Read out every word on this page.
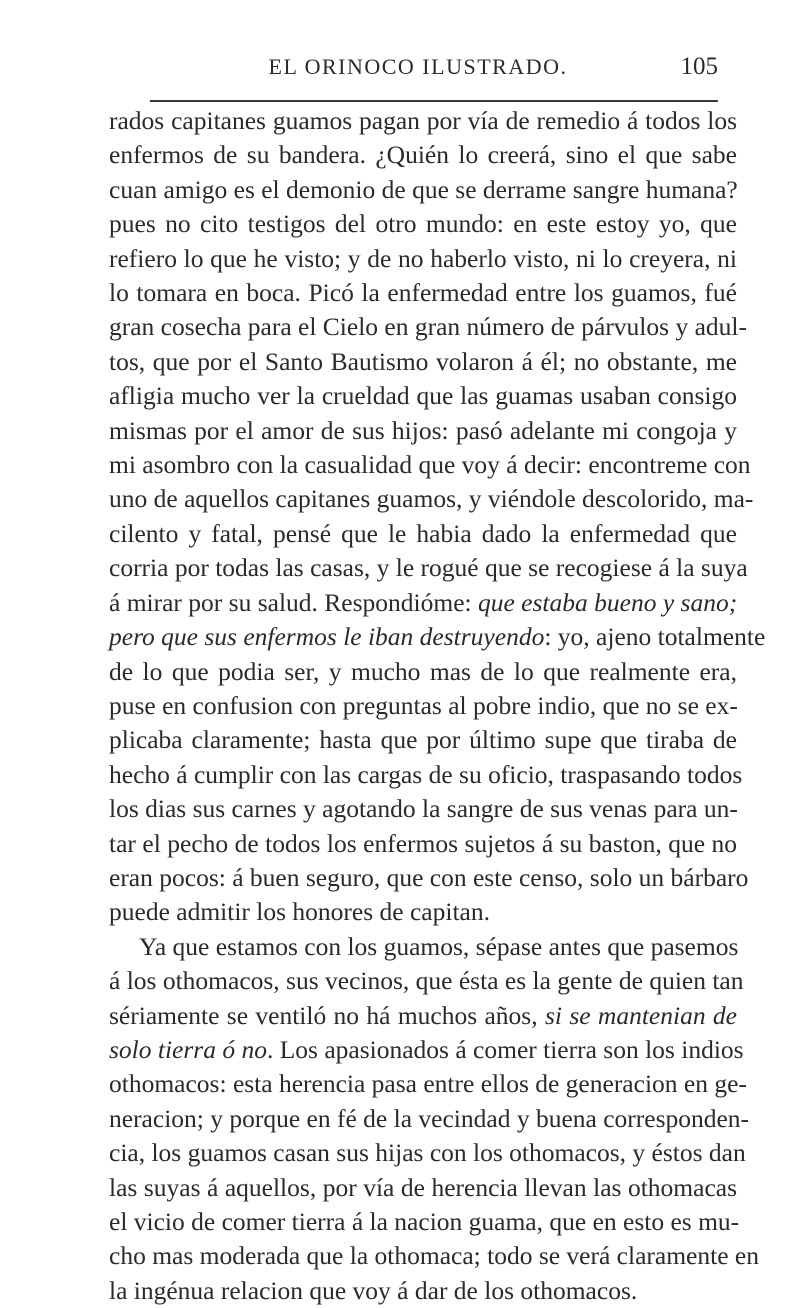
EL ORINOCO ILUSTRADO.	105

rados capitanes guamos pagan por vía de remedio á todos los
enfermos de su bandera. ¿Quién lo creerá, sino el que sabe
cuan amigo es el demonio de que se derrame sangre humana?
pues no cito testigos del otro mundo: en este estoy yo, que
refiero lo que he visto; y de no haberlo visto, ni lo creyera, ni
lo tomara en boca. Picó la enfermedad entre los guamos, fué
gran cosecha para el Cielo en gran número de párvulos y adul-
tos, que por el Santo Bautismo volaron á él; no obstante, me
afligia mucho ver la crueldad que las guamas usaban consigo
mismas por el amor de sus hijos: pasó adelante mi congoja y
mi asombro con la casualidad que voy á decir: encontreme con
uno de aquellos capitanes guamos, y viéndole descolorido, ma-
cilento y fatal, pensé que le habia dado la enfermedad que
corria por todas las casas, y le rogué que se recogiese á la suya
á mirar por su salud. Respondióme: que estaba bueno y sano;
pero que sus enfermos le iban destruyendo: yo, ajeno totalmente
de lo que podia ser, y mucho mas de lo que realmente era,
puse en confusion con preguntas al pobre indio, que no se ex-
plicaba claramente; hasta que por último supe que tiraba de
hecho á cumplir con las cargas de su oficio, traspasando todos
los dias sus carnes y agotando la sangre de sus venas para un-
tar el pecho de todos los enfermos sujetos á su baston, que no
eran pocos: á buen seguro, que con este censo, solo un bárbaro
puede admitir los honores de capitan.

Ya que estamos con los guamos, sépase antes que pasemos
á los othomacos, sus vecinos, que ésta es la gente de quien tan
sériamente se ventiló no há muchos años, si se mantenian de
solo tierra ó no. Los apasionados á comer tierra son los indios
othomacos: esta herencia pasa entre ellos de generacion en ge-
neracion; y porque en fé de la vecindad y buena corresponden-
cia, los guamos casan sus hijas con los othomacos, y éstos dan
las suyas á aquellos, por vía de herencia llevan las othomacas
el vicio de comer tierra á la nacion guama, que en esto es mu-
cho mas moderada que la othomaca; todo se verá claramente en
la ingénua relacion que voy á dar de los othomacos.
